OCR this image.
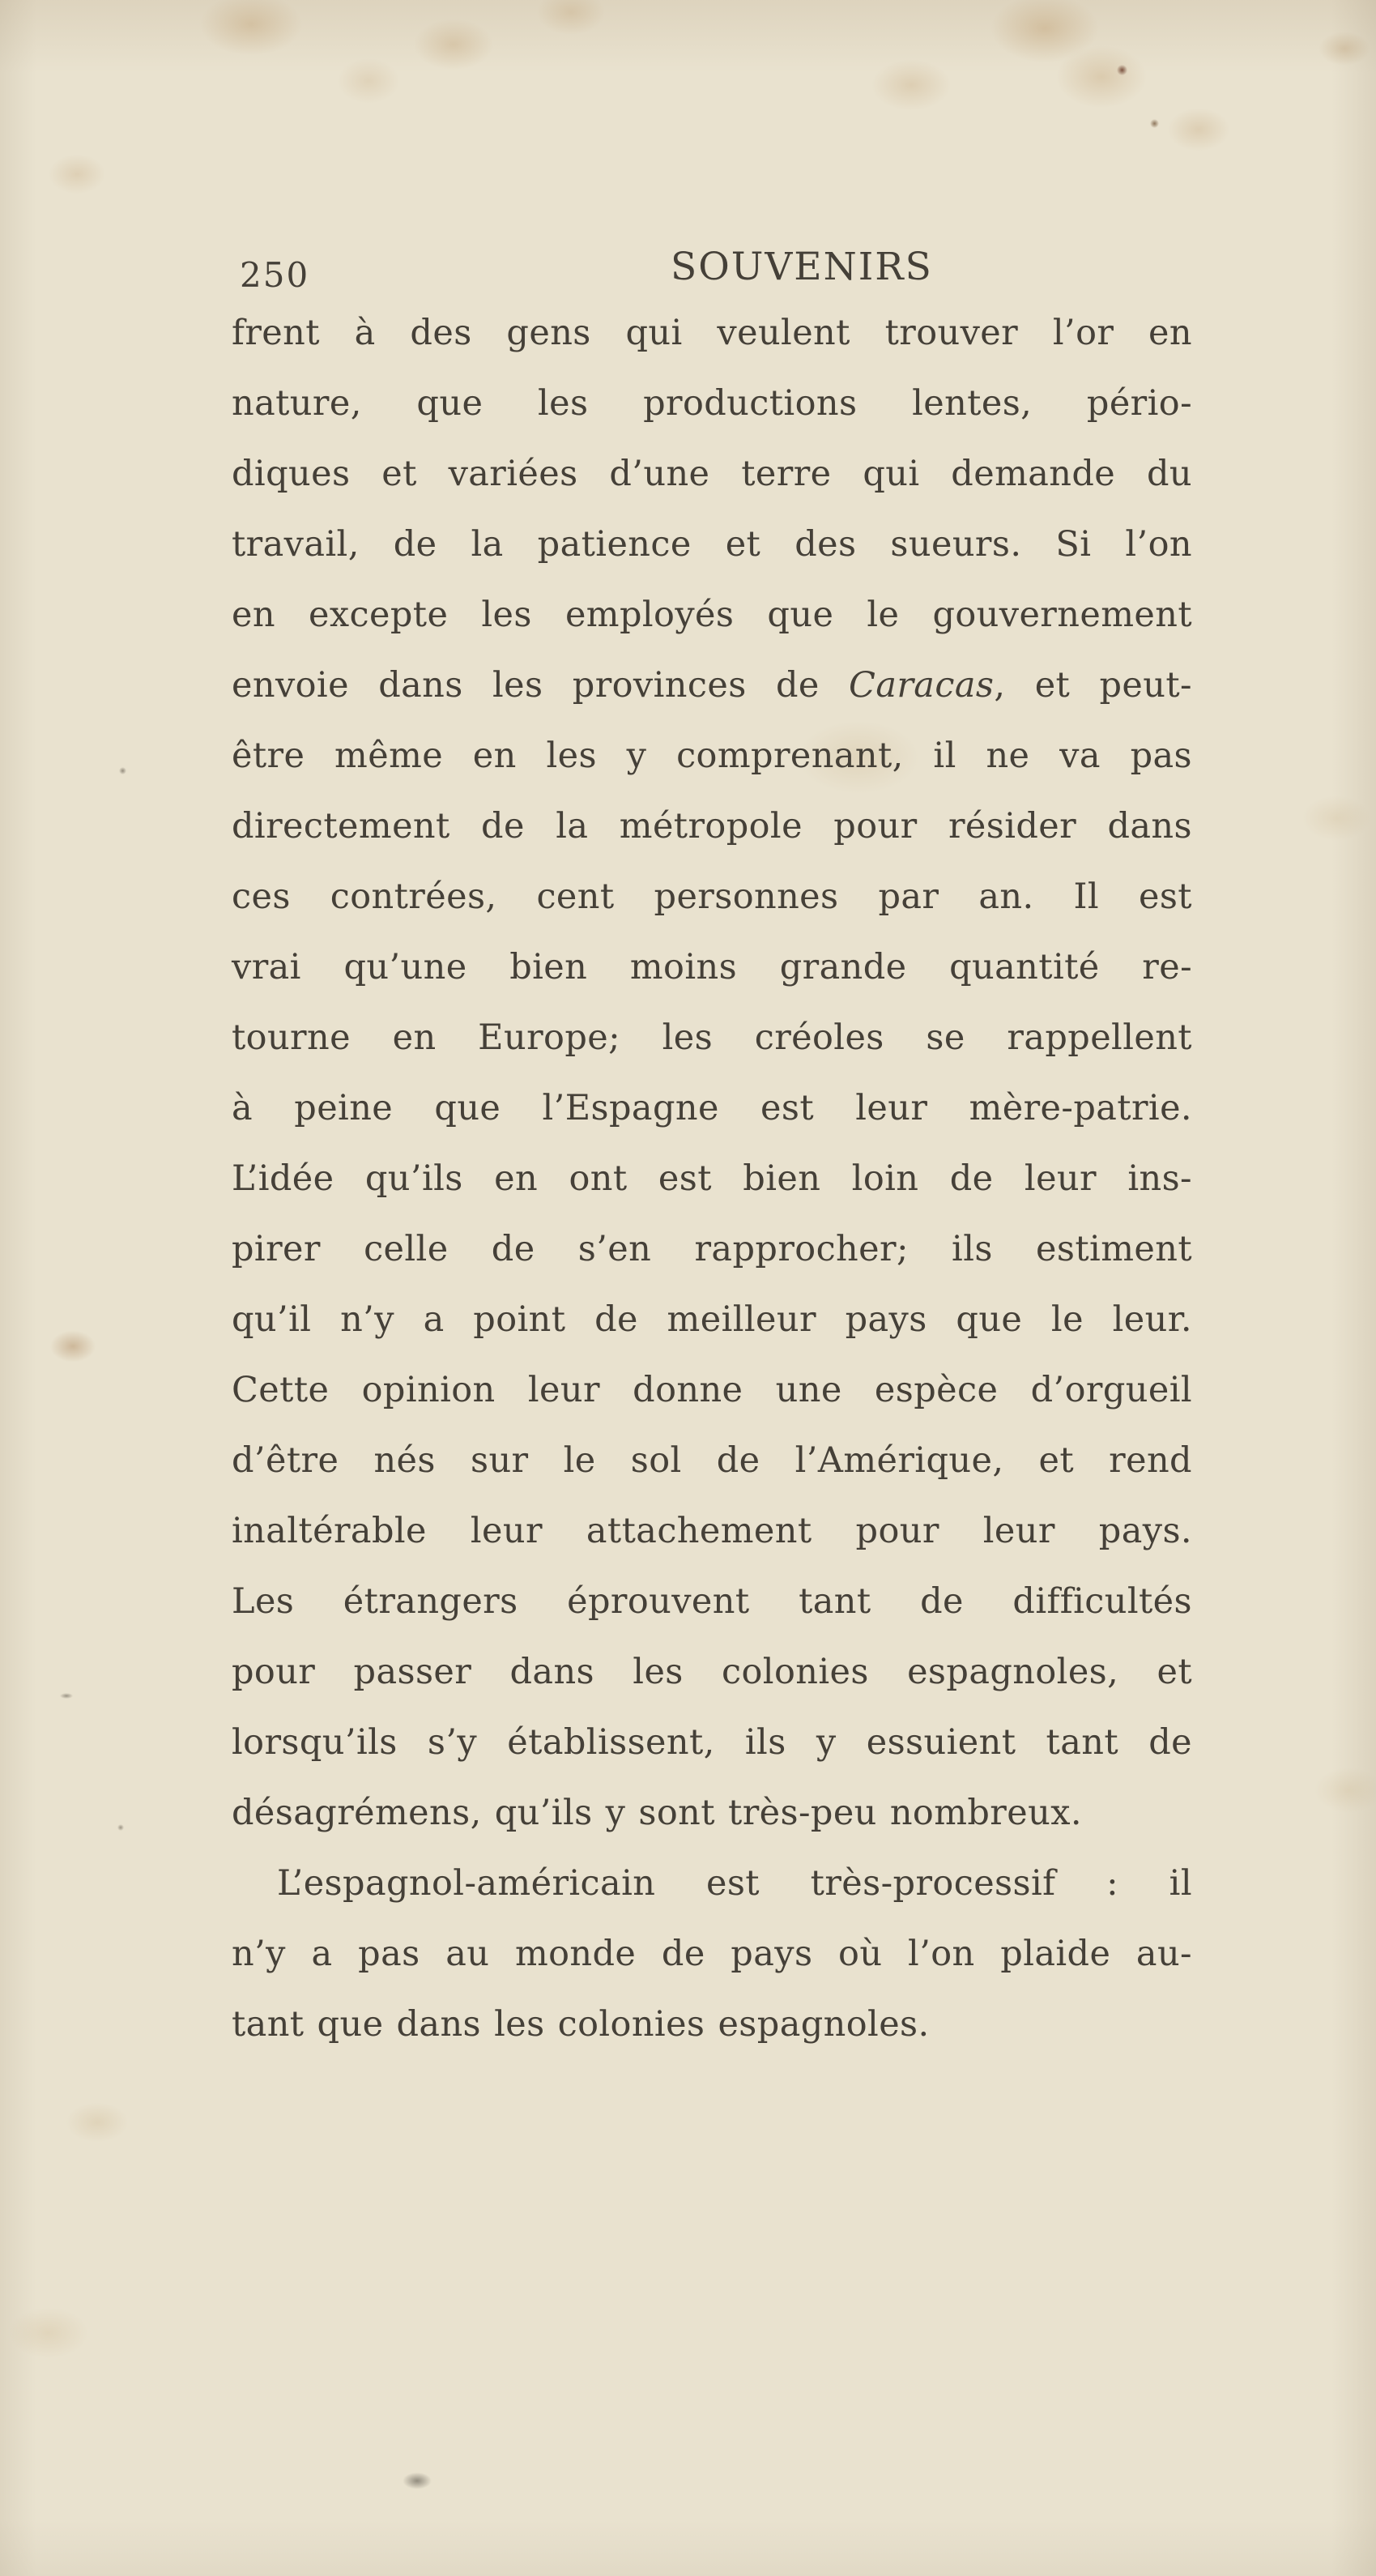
250	SOUVENIRS
frent à des gens qui veulent trouver l’or en
nature, que les productions lentes, pério-
diques et variées d’une terre qui demande du
travail, de la patience et des sueurs. Si l’on
en excepte les employés que le gouvernement
envoie dans les provinces de Caracas, et peut-
être même en les y comprenant, il ne va pas
directement de la métropole pour résider dans
ces contrées, cent personnes par an. Il est
vrai qu’une bien moins grande quantité re-
tourne en Europe; les créoles se rappellent
à peine que l’Espagne est leur mère-patrie.
L’idée qu’ils en ont est bien loin de leur ins-
pirer celle de s’en rapprocher; ils estiment
qu’il n’y a point de meilleur pays que le leur.
Cette opinion leur donne une espèce d’orgueil
d’être nés sur le sol de l’Amérique, et rend
inaltérable leur attachement pour leur pays.
Les étrangers éprouvent tant de difficultés
pour passer dans les colonies espagnoles, et
lorsqu’ils s’y établissent, ils y essuient tant de
désagrémens, qu’ils y sont très-peu nombreux.
L’espagnol-américain est très-processif : il
n’y a pas au monde de pays où l’on plaide au-
tant que dans les colonies espagnoles.
